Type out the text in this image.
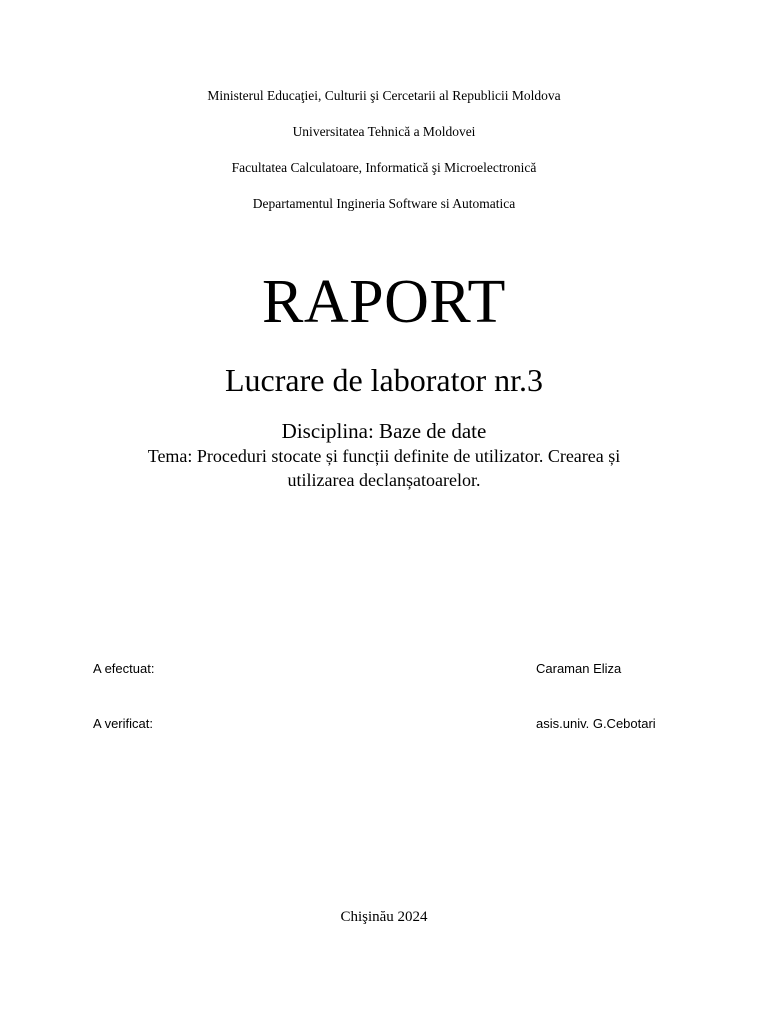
Ministerul Educaţiei, Culturii şi Cercetarii al Republicii Moldova
Universitatea Tehnică a Moldovei
Facultatea Calculatoare, Informatică şi Microelectronică
Departamentul Ingineria Software si Automatica
RAPORT
Lucrare de laborator nr.3
Disciplina: Baze de date
Tema: Proceduri stocate și funcții definite de utilizator. Crearea și
utilizarea declanșatoarelor.
A efectuat:	Caraman Eliza
A verificat:	asis.univ. G.Cebotari
Chişinău 2024
